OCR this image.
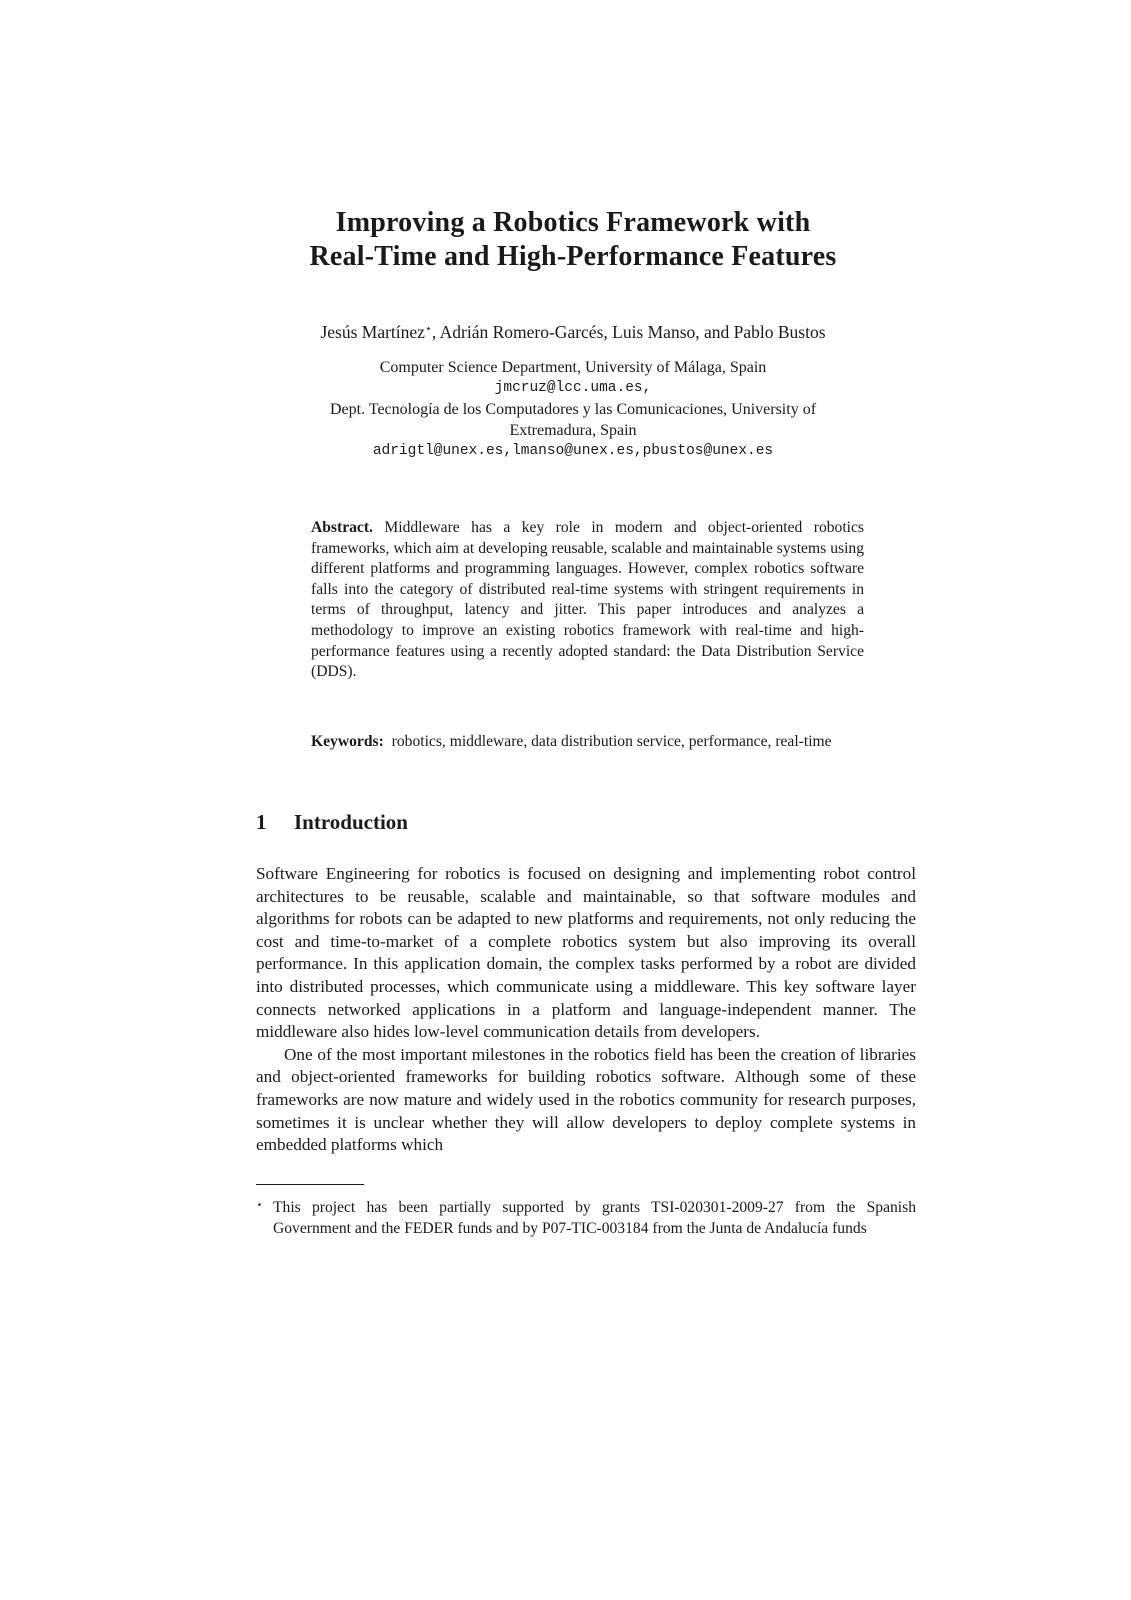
Improving a Robotics Framework with
Real-Time and High-Performance Features
Jesús Martínez⋆, Adrián Romero-Garcés, Luis Manso, and Pablo Bustos
Computer Science Department, University of Málaga, Spain
jmcruz@lcc.uma.es,
Dept. Tecnología de los Computadores y las Comunicaciones, University of
Extremadura, Spain
adrigtl@unex.es,lmanso@unex.es,pbustos@unex.es
Abstract. Middleware has a key role in modern and object-oriented robotics frameworks, which aim at developing reusable, scalable and maintainable systems using different platforms and programming languages. However, complex robotics software falls into the category of distributed real-time systems with stringent requirements in terms of throughput, latency and jitter. This paper introduces and analyzes a methodology to improve an existing robotics framework with real-time and high-performance features using a recently adopted standard: the Data Distribution Service (DDS).
Keywords: robotics, middleware, data distribution service, performance, real-time
1 Introduction

Software Engineering for robotics is focused on designing and implementing robot control architectures to be reusable, scalable and maintainable, so that software modules and algorithms for robots can be adapted to new platforms and requirements, not only reducing the cost and time-to-market of a complete robotics system but also improving its overall performance. In this application domain, the complex tasks performed by a robot are divided into distributed processes, which communicate using a middleware. This key software layer connects networked applications in a platform and language-independent manner. The middleware also hides low-level communication details from developers.

One of the most important milestones in the robotics field has been the creation of libraries and object-oriented frameworks for building robotics software. Although some of these frameworks are now mature and widely used in the robotics community for research purposes, sometimes it is unclear whether they will allow developers to deploy complete systems in embedded platforms which

⋆ This project has been partially supported by grants TSI-020301-2009-27 from the Spanish Government and the FEDER funds and by P07-TIC-003184 from the Junta de Andalucía funds
